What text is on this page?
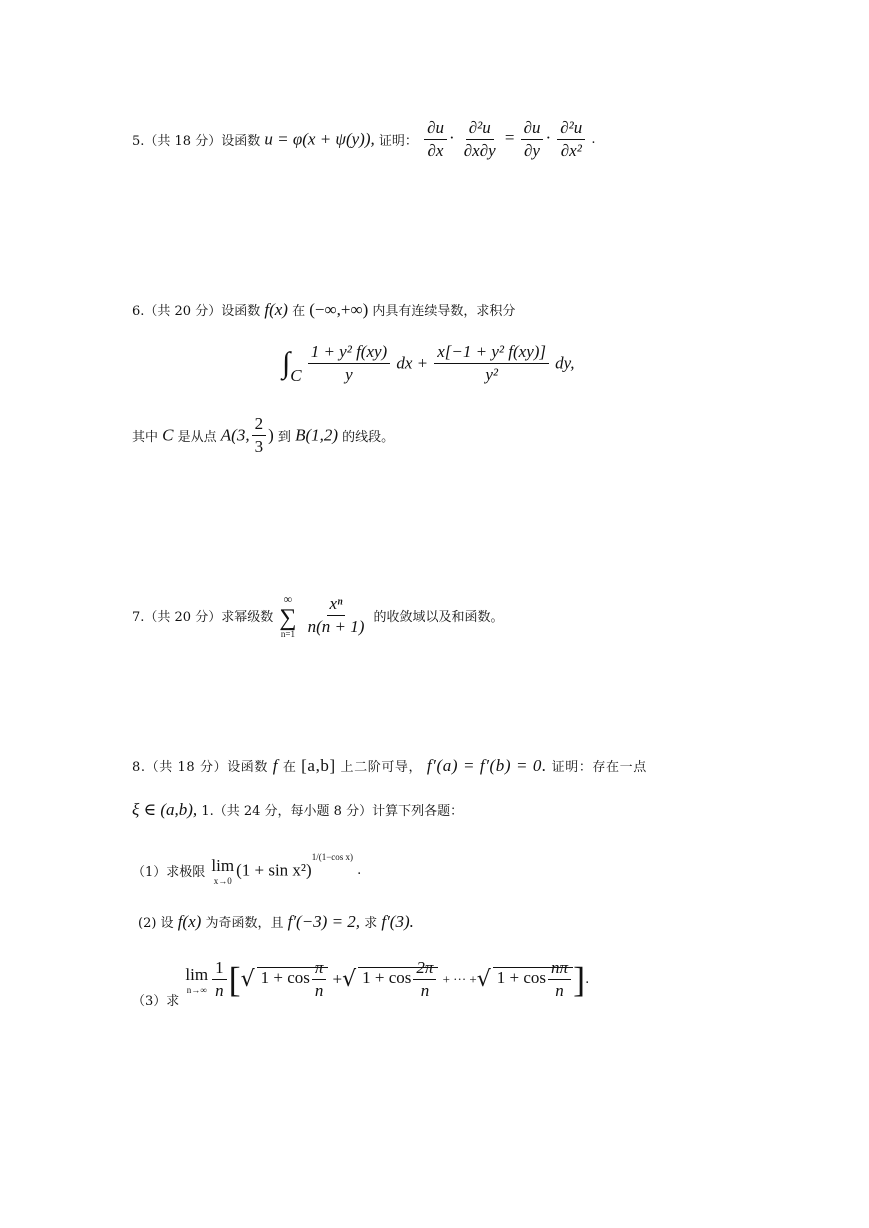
5.（共 18 分）设函数 u = φ(x + ψ(y)), 证明： $\frac{\partial u}{\partial x} \cdot \frac{\text{∂²u}}{\partial x\partial y} = \frac{\partial u}{\partial y} \cdot \frac{\text{∂²u}}{\text{∂x²}}$ .
6.（共 20 分）设函数 f(x) 在 (−∞,+∞) 内具有连续导数，求积分
$\int_C \frac{\text{1 + y² f(xy)}}{y}$ dx + $\frac{\text{x[−1 + y² f(xy)]}}{\text{y²}}$ dy,
其中 C 是从点 A(3, $\frac{2}{3}$ ) 到 B(1,2) 的线段。
7.（共 20 分）求幂级数
∞
∑
n=1
$\frac{\text{xⁿ}}{n(n + 1)}$ 的收敛域以及和函数。
8.（共 18 分）设函数 f 在 [a,b] 上二阶可导， f′(a) = f′(b) = 0. 证明：存在一点
ξ ∈ (a,b), 1.（共 24 分，每小题 8 分）计算下列各题：
（1）求极限 lim
x→0
$(1 + \sin x^2)^{1/(1-cos x)}$ .
(2) 设 f(x) 为奇函数，且 f′(−3) = 2, 求 f′(3).
（3）求
lim
$n\to\infty \frac{1}{n}$ [√ $1 + \cos \frac{\pi}{n}$ +√ $1 + \cos \frac{2\pi}{n}$ + ··· +√ $1 + \cos \frac{n\pi}{n}$ ].
